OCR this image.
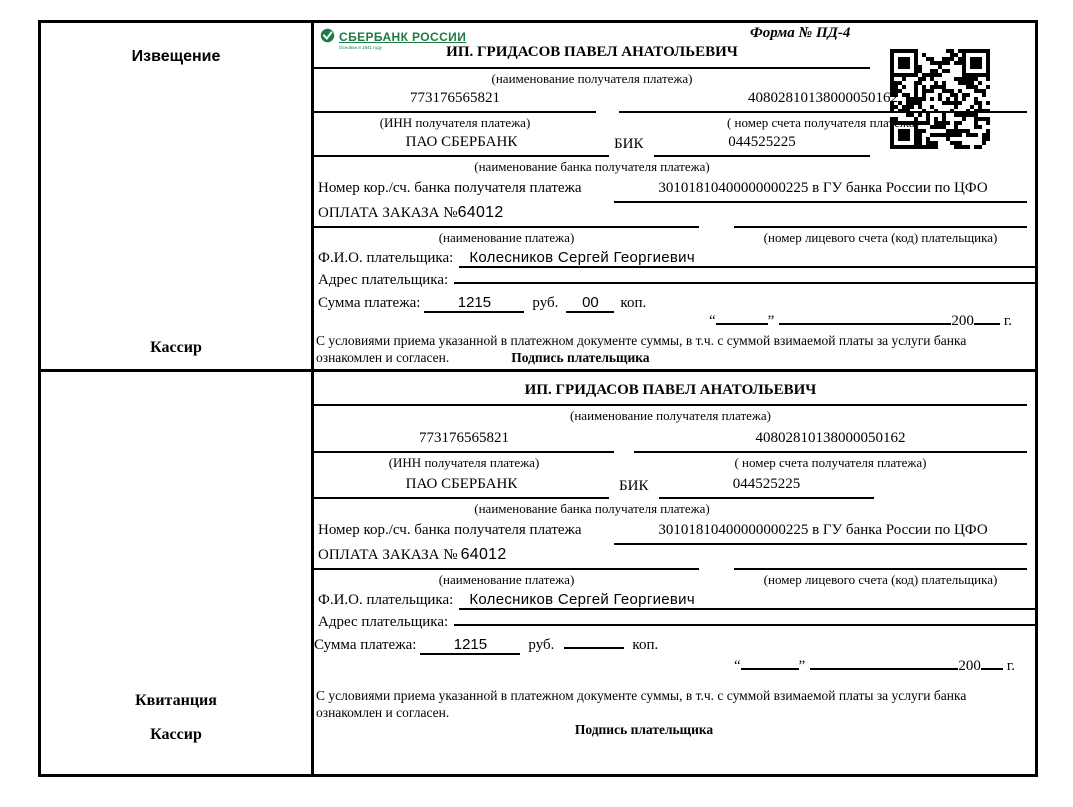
Извещение
Кассир
СБЕРБАНК РОССИИ
Основан в 1841 году
Форма № ПД-4
ИП. ГРИДАСОВ ПАВЕЛ АНАТОЛЬЕВИЧ
(наименование получателя платежа)
773176565821	40802810138000050162
(ИНН получателя платежа)	( номер счета получателя платежа)
ПАО СБЕРБАНК	БИК	044525225
(наименование банка получателя платежа)
Номер кор./сч. банка получателя платежа	30101810400000000225 в ГУ банка России по ЦФО
ОПЛАТА ЗАКАЗА № 64012
(наименование платежа)	(номер лицевого счета (код) плательщика)
Ф.И.О. плательщика:	Колесников Сергей Георгиевич
Адрес плательщика:
Сумма платежа:	1215	руб.	00	коп.
“	”	200 г.
С условиями приема указанной в платежном документе суммы, в т.ч. с суммой взимаемой платы за услуги банка
ознакомлен и согласен.	Подпись плательщика
Квитанция
Кассир
ИП. ГРИДАСОВ ПАВЕЛ АНАТОЛЬЕВИЧ
(наименование получателя платежа)
773176565821	40802810138000050162
(ИНН получателя платежа)	( номер счета получателя платежа)
ПАО СБЕРБАНК	БИК	044525225
(наименование банка получателя платежа)
Номер кор./сч. банка получателя платежа	30101810400000000225 в ГУ банка России по ЦФО
ОПЛАТА ЗАКАЗА № 64012
(наименование платежа)	(номер лицевого счета (код) плательщика)
Ф.И.О. плательщика:	Колесников Сергей Георгиевич
Адрес плательщика:
Сумма платежа:	1215	руб.	коп.
“	”	200 г.
С условиями приема указанной в платежном документе суммы, в т.ч. с суммой взимаемой платы за услуги банка
ознакомлен и согласен.
Подпись плательщика
